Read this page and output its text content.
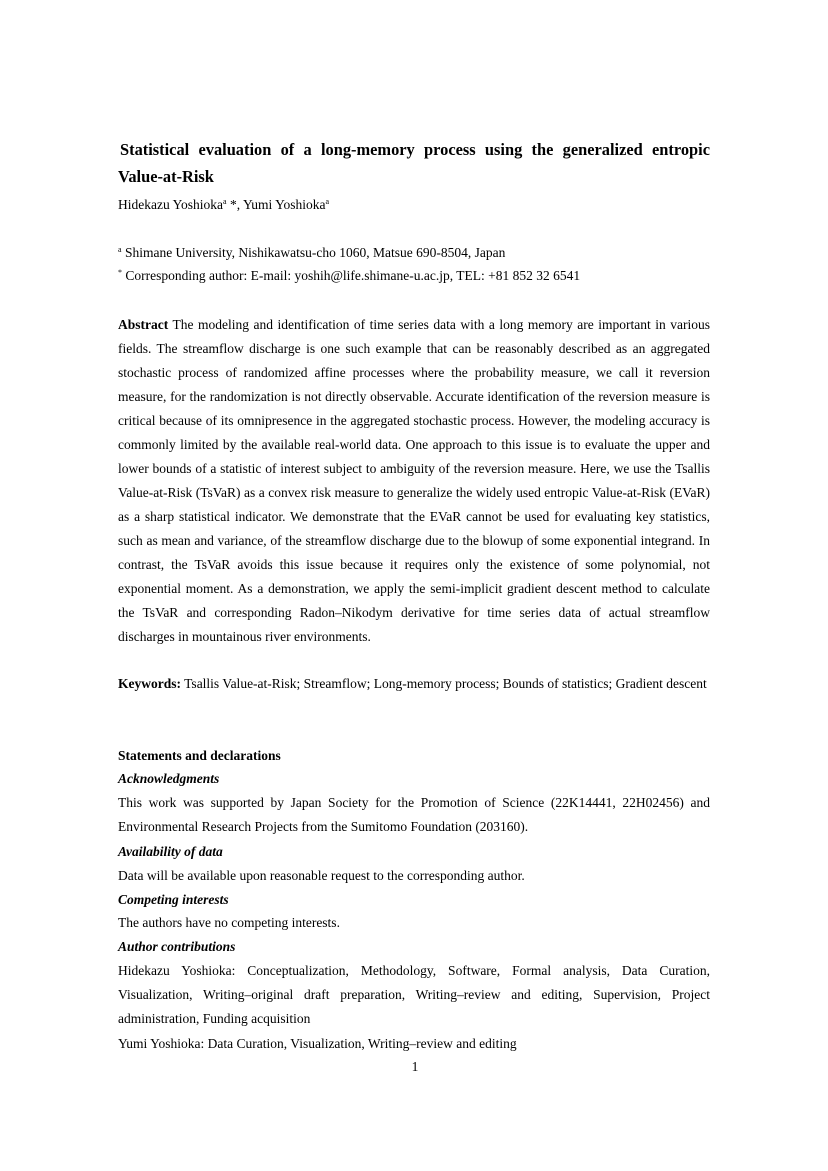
Statistical evaluation of a long-memory process using the generalized entropic
Value-at-Risk
Hidekazu Yoshioka$^a$ *, Yumi Yoshioka$^a$
$^a$ Shimane University, Nishikawatsu-cho 1060, Matsue 690-8504, Japan
* Corresponding author: E-mail: yoshih@life.shimane-u.ac.jp, TEL: +81 852 32 6541

Abstract The modeling and identification of time series data with a long memory are important in various fields. The streamflow discharge is one such example that can be reasonably described as an aggregated stochastic process of randomized affine processes where the probability measure, we call it reversion measure, for the randomization is not directly observable. Accurate identification of the reversion measure is critical because of its omnipresence in the aggregated stochastic process. However, the modeling accuracy is commonly limited by the available real-world data. One approach to this issue is to evaluate the upper and lower bounds of a statistic of interest subject to ambiguity of the reversion measure. Here, we use the Tsallis Value-at-Risk (TsVaR) as a convex risk measure to generalize the widely used entropic Value-at-Risk (EVaR) as a sharp statistical indicator. We demonstrate that the EVaR cannot be used for evaluating key statistics, such as mean and variance, of the streamflow discharge due to the blowup of some exponential integrand. In contrast, the TsVaR avoids this issue because it requires only the existence of some polynomial, not exponential moment. As a demonstration, we apply the semi-implicit gradient descent method to calculate the TsVaR and corresponding Radon–Nikodym derivative for time series data of actual streamflow discharges in mountainous river environments.

Keywords: Tsallis Value-at-Risk; Streamflow; Long-memory process; Bounds of statistics; Gradient descent

Statements and declarations
Acknowledgments

This work was supported by Japan Society for the Promotion of Science (22K14441, 22H02456) and Environmental Research Projects from the Sumitomo Foundation (203160).

Availability of data

Data will be available upon reasonable request to the corresponding author.

Competing interests

The authors have no competing interests.

Author contributions

Hidekazu Yoshioka: Conceptualization, Methodology, Software, Formal analysis, Data Curation, Visualization, Writing–original draft preparation, Writing–review and editing, Supervision, Project administration, Funding acquisition

Yumi Yoshioka: Data Curation, Visualization, Writing–review and editing

1
